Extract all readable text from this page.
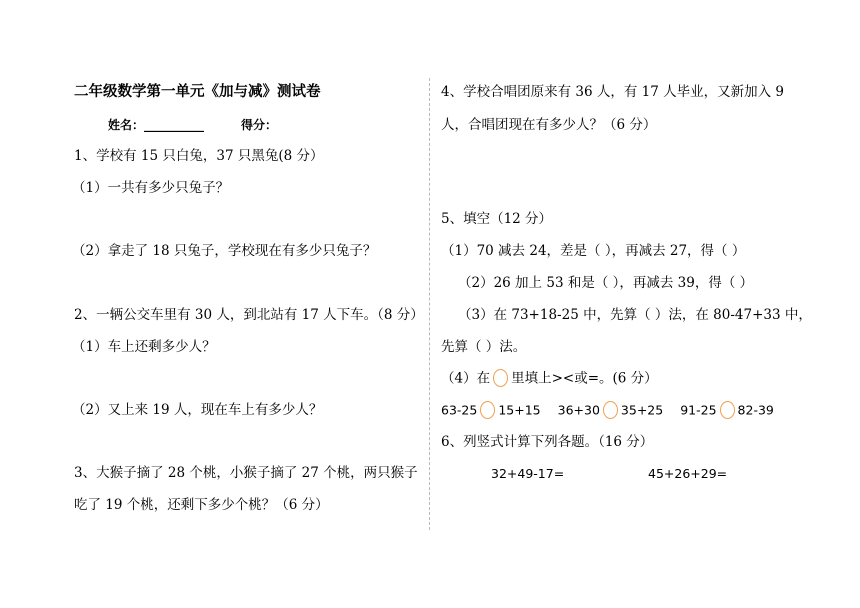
二年级数学第一单元《加与减》测试卷
姓名：__________	得分：
1、学校有 15 只白兔，37 只黑兔(8 分）
（1）一共有多少只兔子？
（2）拿走了 18 只兔子，学校现在有多少只兔子？
2、一辆公交车里有 30 人，到北站有 17 人下车。（8 分）
（1）车上还剩多少人？
（2）又上来 19 人，现在车上有多少人？
3、大猴子摘了 28 个桃，小猴子摘了 27 个桃，两只猴子
吃了 19 个桃，还剩下多少个桃？（6 分）
4、学校合唱团原来有 36 人，有 17 人毕业，又新加入 9
人，合唱团现在有多少人？（6 分）
5、填空（12 分）
（1）70 减去 24，差是（ ），再减去 27，得（ ）
（2）26 加上 53 和是（ ），再减去 39，得（ ）
（3）在 73+18-25 中，先算（ ）法，在 80-47+33 中，
先算（ ）法。
（4）在 里填上><或=。(6 分）
63-25 15+15 36+30 35+25 91-25 82-39
6、列竖式计算下列各题。（16 分）
32+49-17=	45+26+29=
